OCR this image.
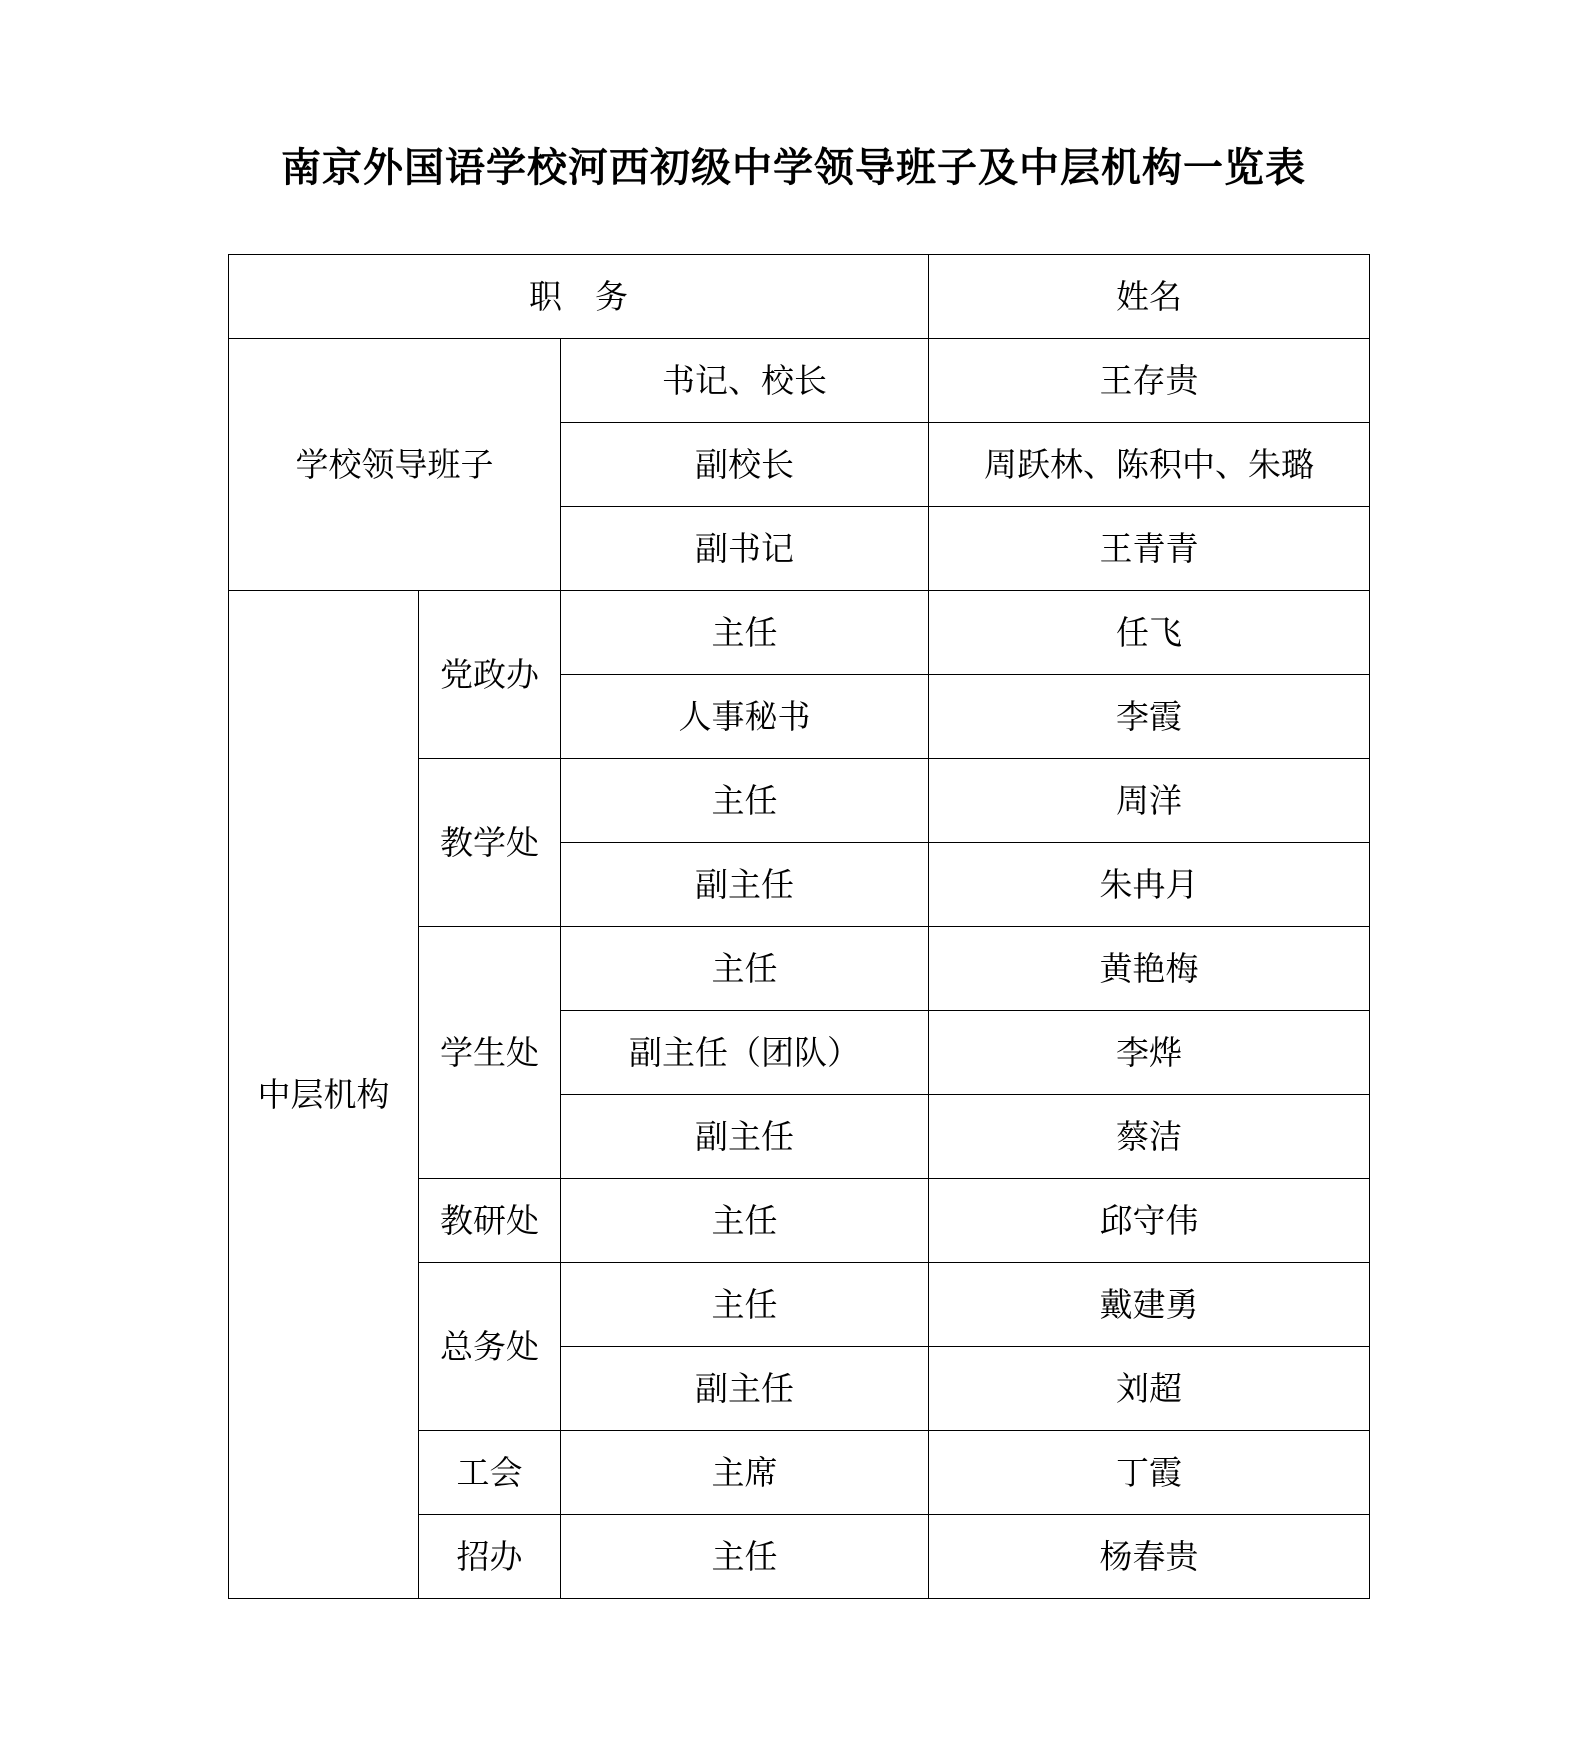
南京外国语学校河西初级中学领导班子及中层机构一览表
职　务			姓名
学校领导班子		书记、校长	王存贵
		副校长	周跃林、陈积中、朱璐
		副书记	王青青
中层机构	党政办	主任	任飞
		人事秘书	李霞
	教学处	主任	周洋
		副主任	朱冉月
	学生处	主任	黄艳梅
		副主任（团队）	李烨
		副主任	蔡洁
	教研处	主任	邱守伟
	总务处	主任	戴建勇
		副主任	刘超
	工会	主席	丁霞
	招办	主任	杨春贵
